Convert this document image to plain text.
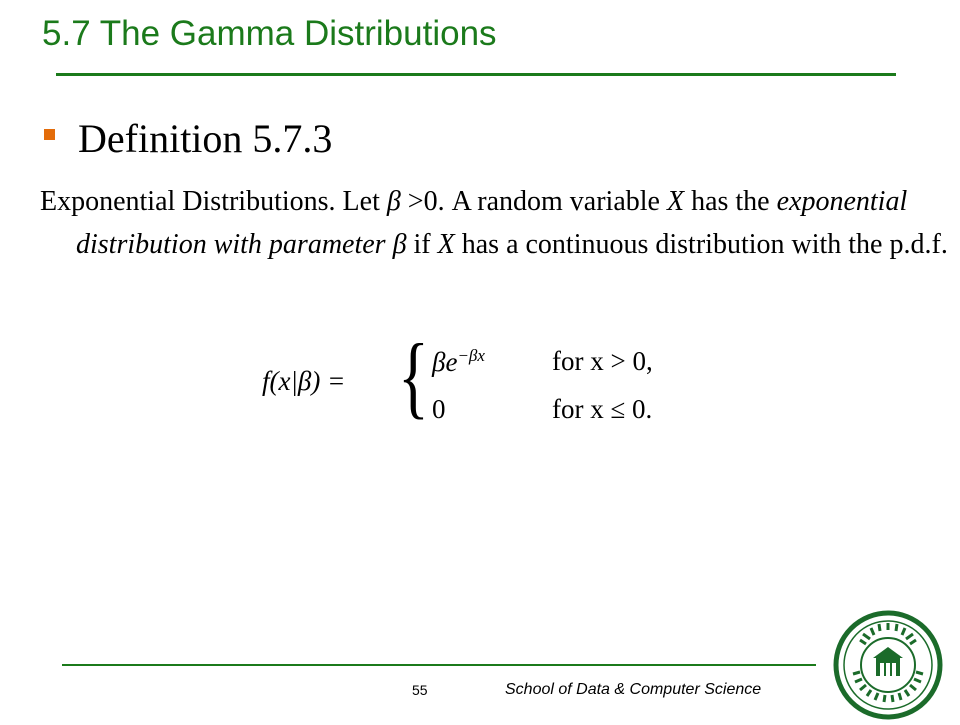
5.7 The Gamma Distributions
Definition 5.7.3
Exponential Distributions. Let β >0. A random variable X has the exponential distribution with parameter β if X has a continuous distribution with the p.d.f.
f(x|β) = { $\beta e^{-\beta x}$ for x > 0,
0	for x ≤ 0.
55	School of Data & Computer Science
